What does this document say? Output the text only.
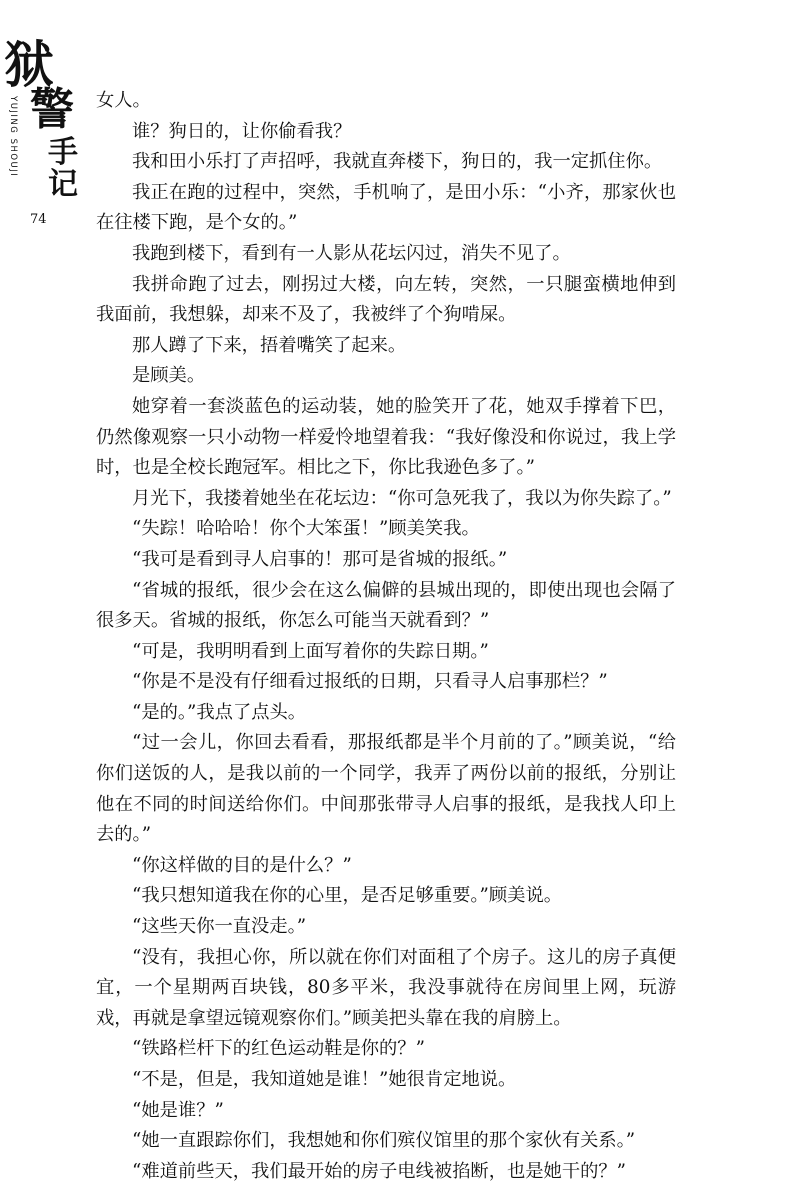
狱
警
手
记
YUJING SHOUJI
74

女人。

谁？狗日的，让你偷看我？

我和田小乐打了声招呼，我就直奔楼下，狗日的，我一定抓住你。

我正在跑的过程中，突然，手机响了，是田小乐：“小齐，那家伙也在往楼下跑，是个女的。”

我跑到楼下，看到有一人影从花坛闪过，消失不见了。

我拼命跑了过去，刚拐过大楼，向左转，突然，一只腿蛮横地伸到我面前，我想躲，却来不及了，我被绊了个狗啃屎。

那人蹲了下来，捂着嘴笑了起来。

是顾美。

她穿着一套淡蓝色的运动装，她的脸笑开了花，她双手撑着下巴，仍然像观察一只小动物一样爱怜地望着我：“我好像没和你说过，我上学时，也是全校长跑冠军。相比之下，你比我逊色多了。”

月光下，我搂着她坐在花坛边：“你可急死我了，我以为你失踪了。”

“失踪！哈哈哈！你个大笨蛋！”顾美笑我。

“我可是看到寻人启事的！那可是省城的报纸。”

“省城的报纸，很少会在这么偏僻的县城出现的，即使出现也会隔了很多天。省城的报纸，你怎么可能当天就看到？”

“可是，我明明看到上面写着你的失踪日期。”

“你是不是没有仔细看过报纸的日期，只看寻人启事那栏？”

“是的。”我点了点头。

“过一会儿，你回去看看，那报纸都是半个月前的了。”顾美说，“给你们送饭的人，是我以前的一个同学，我弄了两份以前的报纸，分别让他在不同的时间送给你们。中间那张带寻人启事的报纸，是我找人印上去的。”

“你这样做的目的是什么？”

“我只想知道我在你的心里，是否足够重要。”顾美说。

“这些天你一直没走。”

“没有，我担心你，所以就在你们对面租了个房子。这儿的房子真便宜，一个星期两百块钱，80多平米，我没事就待在房间里上网，玩游戏，再就是拿望远镜观察你们。”顾美把头靠在我的肩膀上。

“铁路栏杆下的红色运动鞋是你的？”

“不是，但是，我知道她是谁！”她很肯定地说。

“她是谁？”

“她一直跟踪你们，我想她和你们殡仪馆里的那个家伙有关系。”

“难道前些天，我们最开始的房子电线被掐断，也是她干的？”
